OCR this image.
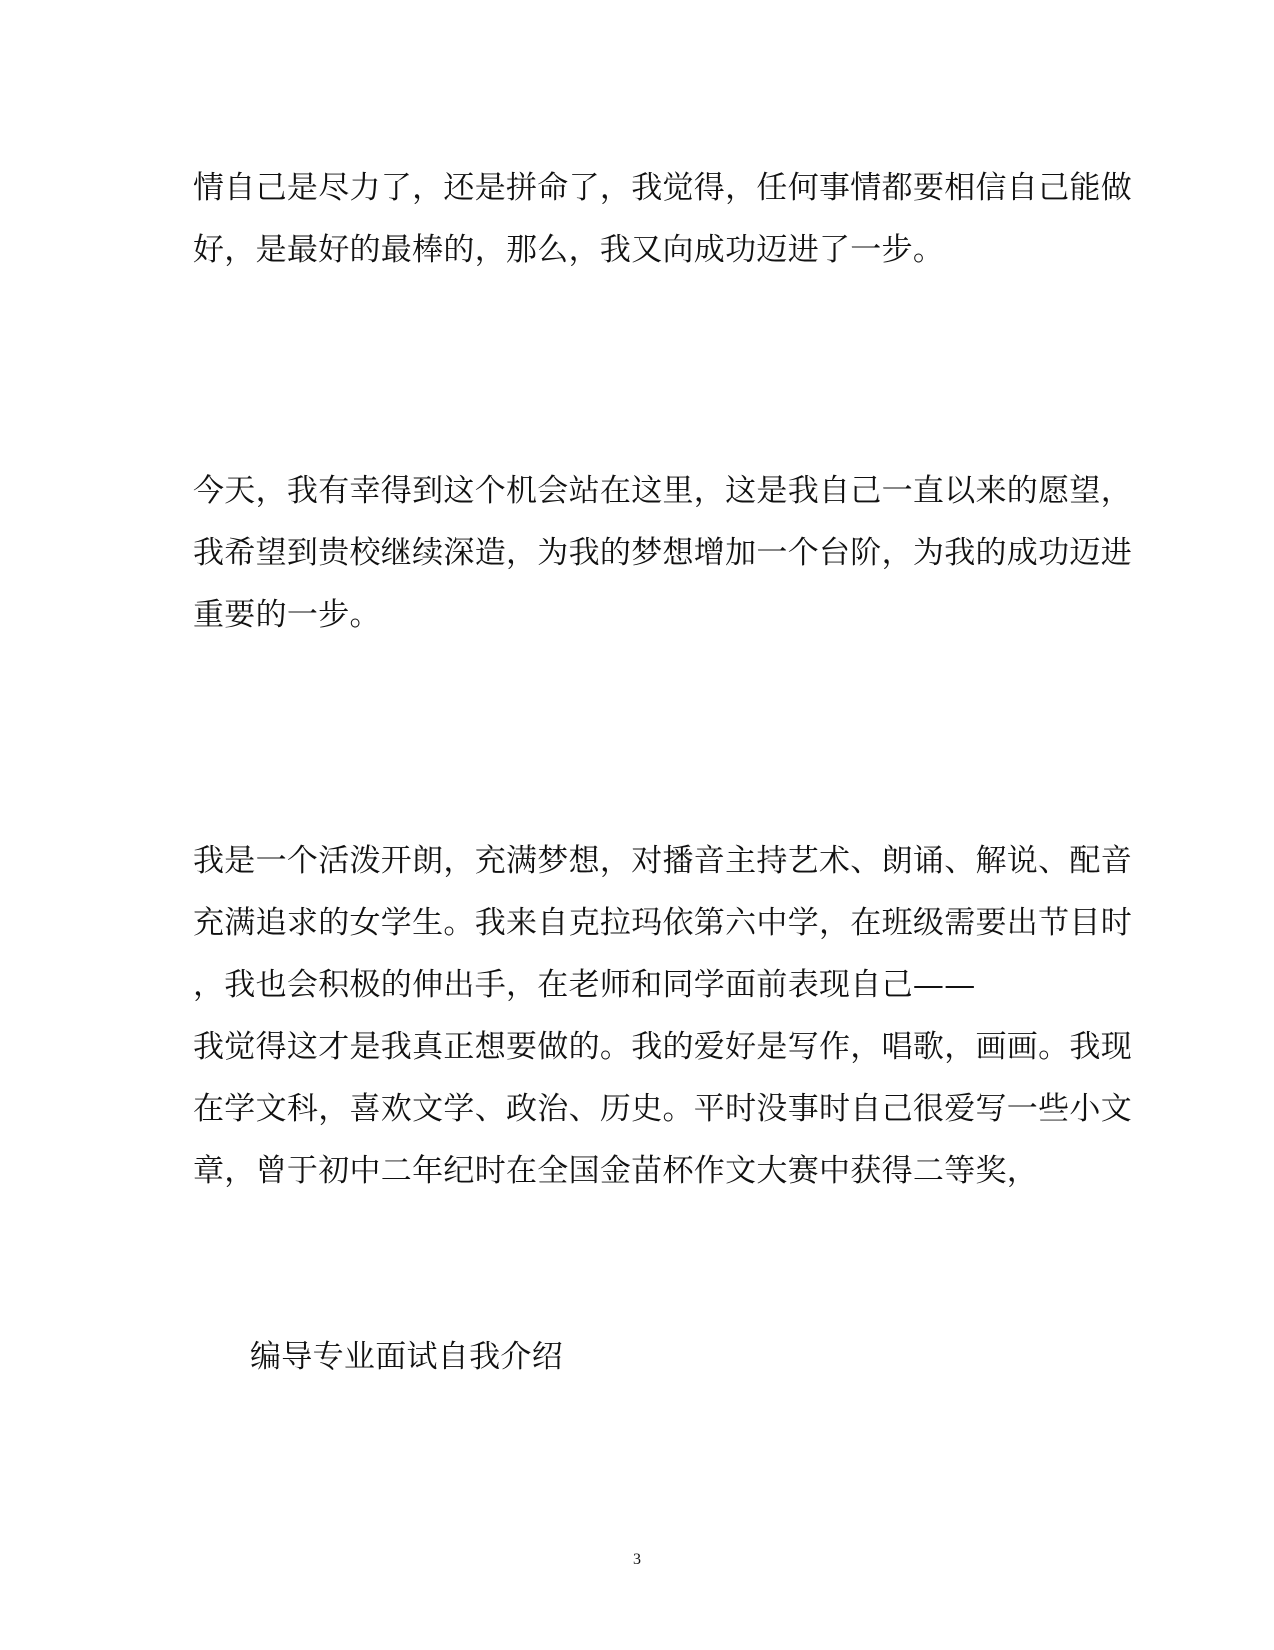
情自己是尽力了，还是拼命了，我觉得，任何事情都要相信自己能做
好，是最好的最棒的，那么，我又向成功迈进了一步。
今天，我有幸得到这个机会站在这里，这是我自己一直以来的愿望，
我希望到贵校继续深造，为我的梦想增加一个台阶，为我的成功迈进
重要的一步。
我是一个活泼开朗，充满梦想，对播音主持艺术、朗诵、解说、配音
充满追求的女学生。我来自克拉玛依第六中学，在班级需要出节目时
，我也会积极的伸出手，在老师和同学面前表现自己——
我觉得这才是我真正想要做的。我的爱好是写作，唱歌，画画。我现
在学文科，喜欢文学、政治、历史。平时没事时自己很爱写一些小文
章，曾于初中二年纪时在全国金苗杯作文大赛中获得二等奖，
编导专业面试自我介绍
3
